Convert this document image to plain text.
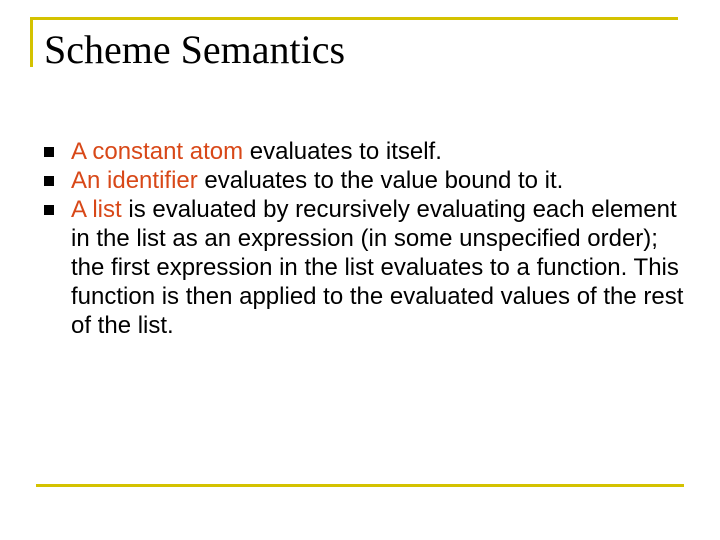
Scheme Semantics
A constant atom evaluates to itself.
An identifier evaluates to the value bound to it.
A list is evaluated by recursively evaluating each element in the list as an expression (in some unspecified order); the first expression in the list evaluates to a function. This function is then applied to the evaluated values of the rest of the list.
